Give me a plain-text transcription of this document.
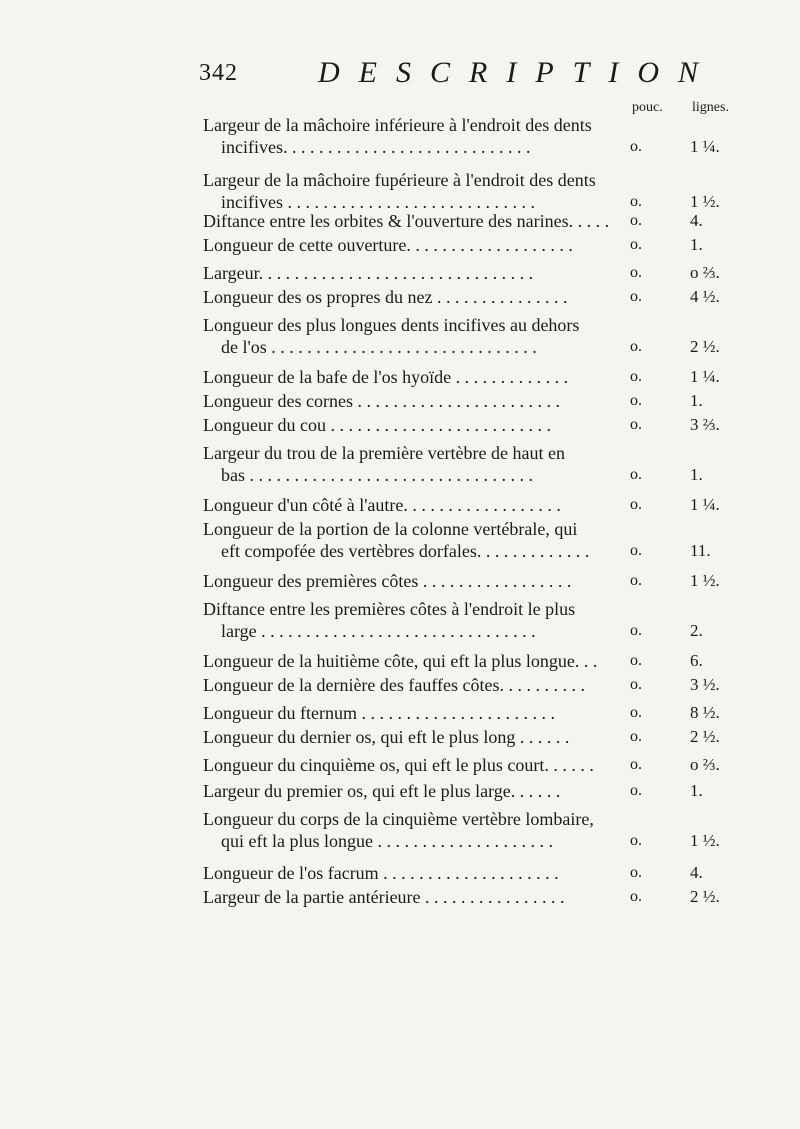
342	DESCRIPTION
pouc. lignes.
Largeur de la mâchoire inférieure à l'endroit des dents
incifives. . . . . . . . . . . . . . . . . . . . . . . . . . . .	o.	1 ¼.
Largeur de la mâchoire fupérieure à l'endroit des dents
incifives . . . . . . . . . . . . . . . . . . . . . . . . . . . .	o.	1 ½.
Diftance entre les orbites & l'ouverture des narines. . . . . o.	4.
Longueur de cette ouverture. . . . . . . . . . . . . . . . . . .	o.	1.
Largeur. . . . . . . . . . . . . . . . . . . . . . . . . . . . . . .	o.	o ⅔.
Longueur des os propres du nez . . . . . . . . . . . . . . .	o.	4 ½.
Longueur des plus longues dents incifives au dehors
de l'os . . . . . . . . . . . . . . . . . . . . . . . . . . . . . .	o.	2 ½.
Longueur de la bafe de l'os hyoïde . . . . . . . . . . . . .	o.	1 ¼.
Longueur des cornes . . . . . . . . . . . . . . . . . . . . . . .	o.	1.
Longueur du cou . . . . . . . . . . . . . . . . . . . . . . . . .	o.	3 ⅔.
Largeur du trou de la première vertèbre de haut en
bas . . . . . . . . . . . . . . . . . . . . . . . . . . . . . . . .	o.	1.
Longueur d'un côté à l'autre. . . . . . . . . . . . . . . . . .	o.	1 ¼.
Longueur de la portion de la colonne vertébrale, qui
eft compofée des vertèbres dorfales. . . . . . . . . . . . .	o.	11.
Longueur des premières côtes . . . . . . . . . . . . . . . . .	o.	1 ½.
Diftance entre les premières côtes à l'endroit le plus
large . . . . . . . . . . . . . . . . . . . . . . . . . . . . . . .	o.	2.
Longueur de la huitième côte, qui eft la plus longue. . .	o.	6.
Longueur de la dernière des fauffes côtes. . . . . . . . . .	o.	3 ½.
Longueur du fternum . . . . . . . . . . . . . . . . . . . . . .	o.	8 ½.
Longueur du dernier os, qui eft le plus long . . . . . .	o.	2 ½.
Longueur du cinquième os, qui eft le plus court. . . . . .	o.	o ⅔.
Largeur du premier os, qui eft le plus large. . . . . .	o.	1.
Longueur du corps de la cinquième vertèbre lombaire,
qui eft la plus longue . . . . . . . . . . . . . . . . . . . .	o.	1 ½.
Longueur de l'os facrum . . . . . . . . . . . . . . . . . . . .	o.	4.
Largeur de la partie antérieure . . . . . . . . . . . . . . . .	o.	2 ½.
